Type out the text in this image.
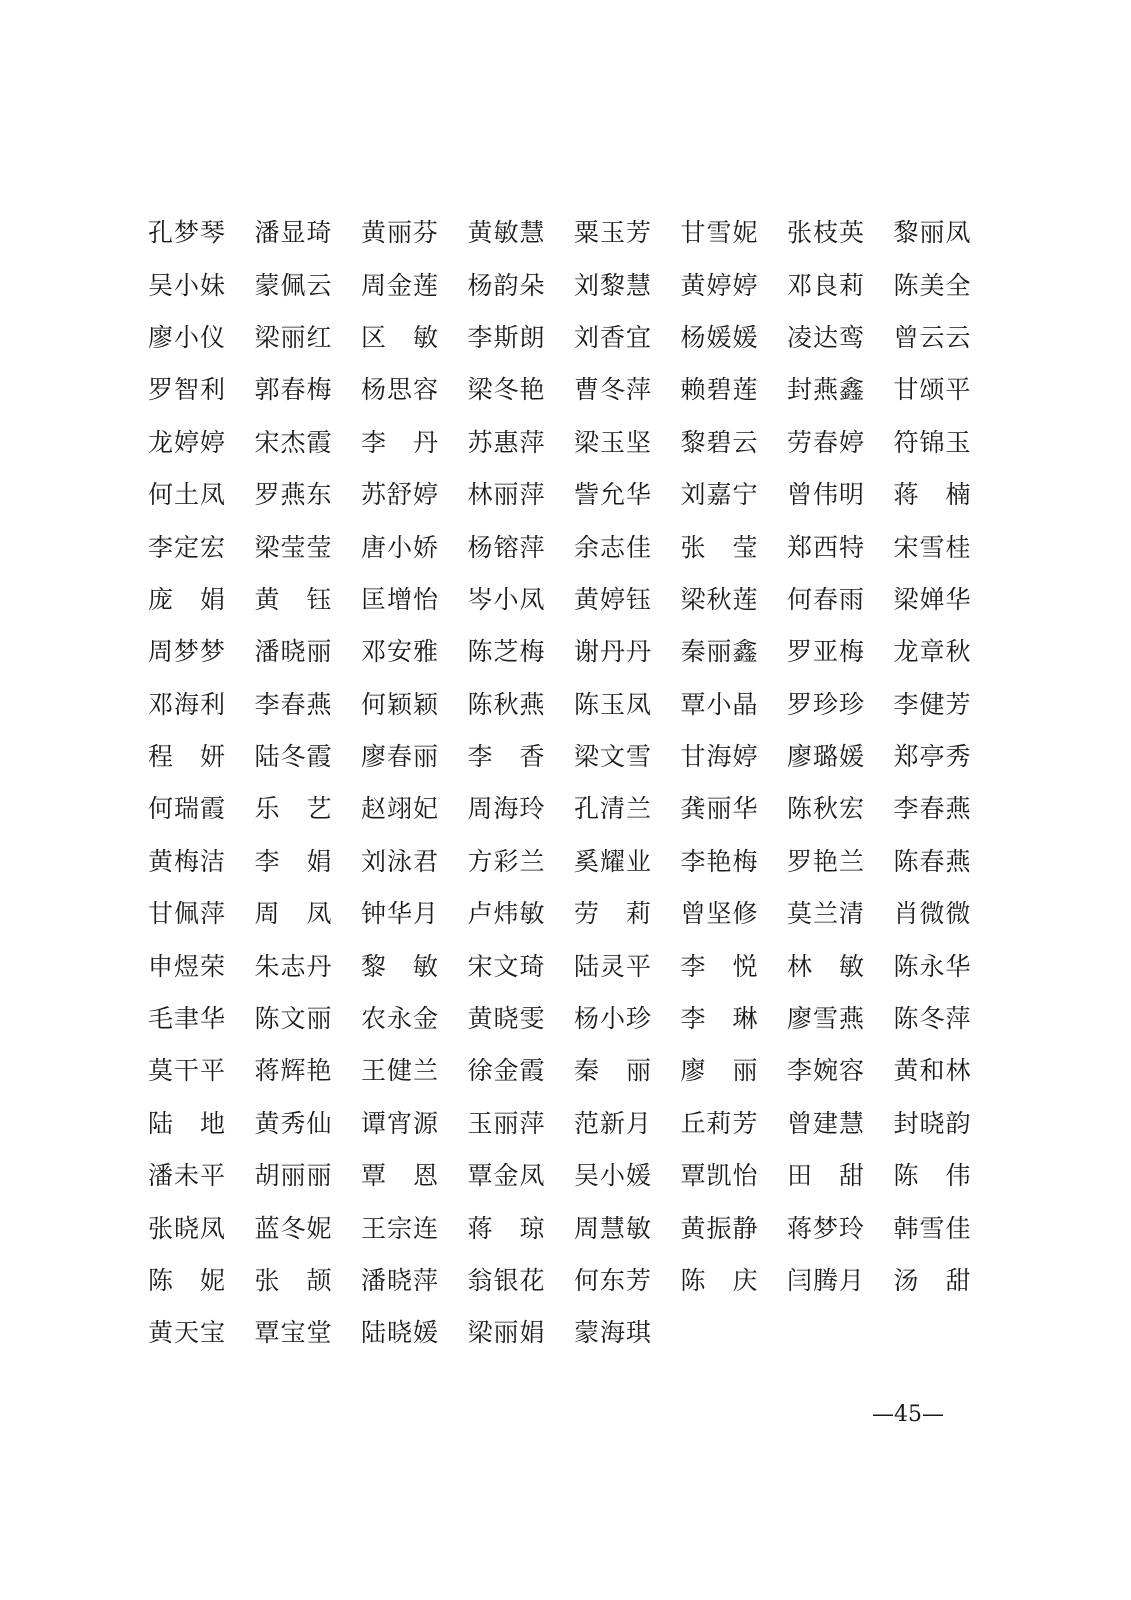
孔梦琴	潘显琦	黄丽芬	黄敏慧	粟玉芳	甘雪妮	张枝英	黎丽凤
吴小妹	蒙佩云	周金莲	杨韵朵	刘黎慧	黄婷婷	邓良莉	陈美全
廖小仪	梁丽红	区　敏	李斯朗	刘香宜	杨媛媛	凌达鸾	曾云云
罗智利	郭春梅	杨思容	梁冬艳	曹冬萍	赖碧莲	封燕鑫	甘颂平
龙婷婷	宋杰霞	李　丹	苏惠萍	梁玉坚	黎碧云	劳春婷	符锦玉
何土凤	罗燕东	苏舒婷	林丽萍	訾允华	刘嘉宁	曾伟明	蒋　楠
李定宏	梁莹莹	唐小娇	杨镕萍	余志佳	张　莹	郑西特	宋雪桂
庞　娟	黄　钰	匡增怡	岑小凤	黄婷钰	梁秋莲	何春雨	梁婵华
周梦梦	潘晓丽	邓安雅	陈芝梅	谢丹丹	秦丽鑫	罗亚梅	龙章秋
邓海利	李春燕	何颖颖	陈秋燕	陈玉凤	覃小晶	罗珍珍	李健芳
程　妍	陆冬霞	廖春丽	李　香	梁文雪	甘海婷	廖璐媛	郑亭秀
何瑞霞	乐　艺	赵翊妃	周海玲	孔清兰	龚丽华	陈秋宏	李春燕
黄梅洁	李　娟	刘泳君	方彩兰	奚耀业	李艳梅	罗艳兰	陈春燕
甘佩萍	周　凤	钟华月	卢炜敏	劳　莉	曾坚修	莫兰清	肖微微
申煜荣	朱志丹	黎　敏	宋文琦	陆灵平	李　悦	林　敏	陈永华
毛聿华	陈文丽	农永金	黄晓雯	杨小珍	李　琳	廖雪燕	陈冬萍
莫干平	蒋辉艳	王健兰	徐金霞	秦　丽	廖　丽	李婉容	黄和林
陆　地	黄秀仙	谭宵源	玉丽萍	范新月	丘莉芳	曾建慧	封晓韵
潘未平	胡丽丽	覃　恩	覃金凤	吴小媛	覃凯怡	田　甜	陈　伟
张晓凤	蓝冬妮	王宗连	蒋　琼	周慧敏	黄振静	蒋梦玲	韩雪佳
陈　妮	张　颉	潘晓萍	翁银花	何东芳	陈　庆	闫腾月	汤　甜
黄天宝	覃宝堂	陆晓媛	梁丽娟	蒙海琪
—45—
